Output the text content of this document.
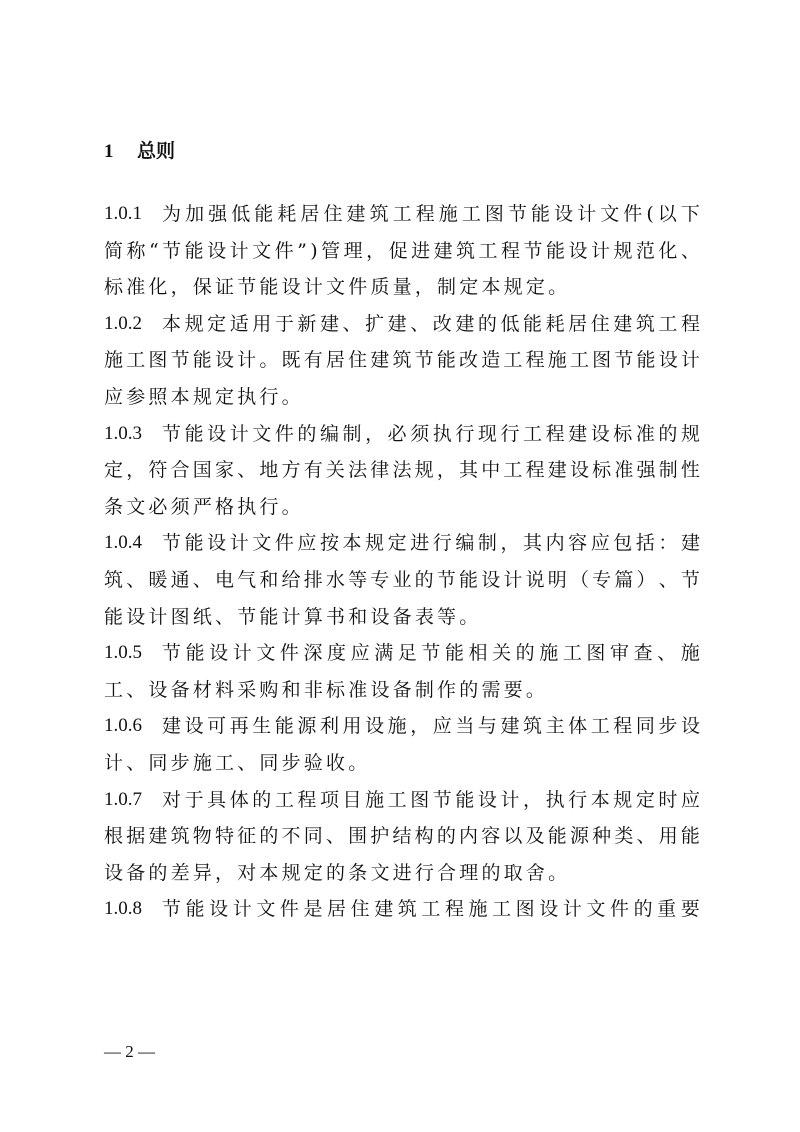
1 总则
1.0.1	为 加 强 低 能 耗 居 住 建 筑 工 程 施 工 图 节 能 设 计 文 件 ( 以 下
简 称 “ 节 能 设 计 文 件 ” ) 管 理 ， 促 进 建 筑 工 程 节 能 设 计 规 范 化 、
标 准 化 ， 保 证 节 能 设 计 文 件 质 量 ， 制 定 本 规 定 。
1.0.2	本 规 定 适 用 于 新 建 、 扩 建 、 改 建 的 低 能 耗 居 住 建 筑 工 程
施 工 图 节 能 设 计 。 既 有 居 住 建 筑 节 能 改 造 工 程 施 工 图 节 能 设 计
应 参 照 本 规 定 执 行 。
1.0.3	节 能 设 计 文 件 的 编 制 ， 必 须 执 行 现 行 工 程 建 设 标 准 的 规
定 ， 符 合 国 家 、 地 方 有 关 法 律 法 规 ， 其 中 工 程 建 设 标 准 强 制 性
条 文 必 须 严 格 执 行 。
1.0.4	节 能 设 计 文 件 应 按 本 规 定 进 行 编 制 ， 其 内 容 应 包 括 ： 建
筑 、 暖 通 、 电 气 和 给 排 水 等 专 业 的 节 能 设 计 说 明 （ 专 篇 ） 、 节
能 设 计 图 纸 、 节 能 计 算 书 和 设 备 表 等 。
1.0.5	节 能 设 计 文 件 深 度 应 满 足 节 能 相 关 的 施 工 图 审 查 、 施
工 、 设 备 材 料 采 购 和 非 标 准 设 备 制 作 的 需 要 。
1.0.6	建 设 可 再 生 能 源 利 用 设 施 ， 应 当 与 建 筑 主 体 工 程 同 步 设
计 、 同 步 施 工 、 同 步 验 收 。
1.0.7	对 于 具 体 的 工 程 项 目 施 工 图 节 能 设 计 ， 执 行 本 规 定 时 应
根 据 建 筑 物 特 征 的 不 同 、 围 护 结 构 的 内 容 以 及 能 源 种 类 、 用 能
设 备 的 差 异 ， 对 本 规 定 的 条 文 进 行 合 理 的 取 舍 。
1.0.8	节 能 设 计 文 件 是 居 住 建 筑 工 程 施 工 图 设 计 文 件 的 重 要
— 2 —
